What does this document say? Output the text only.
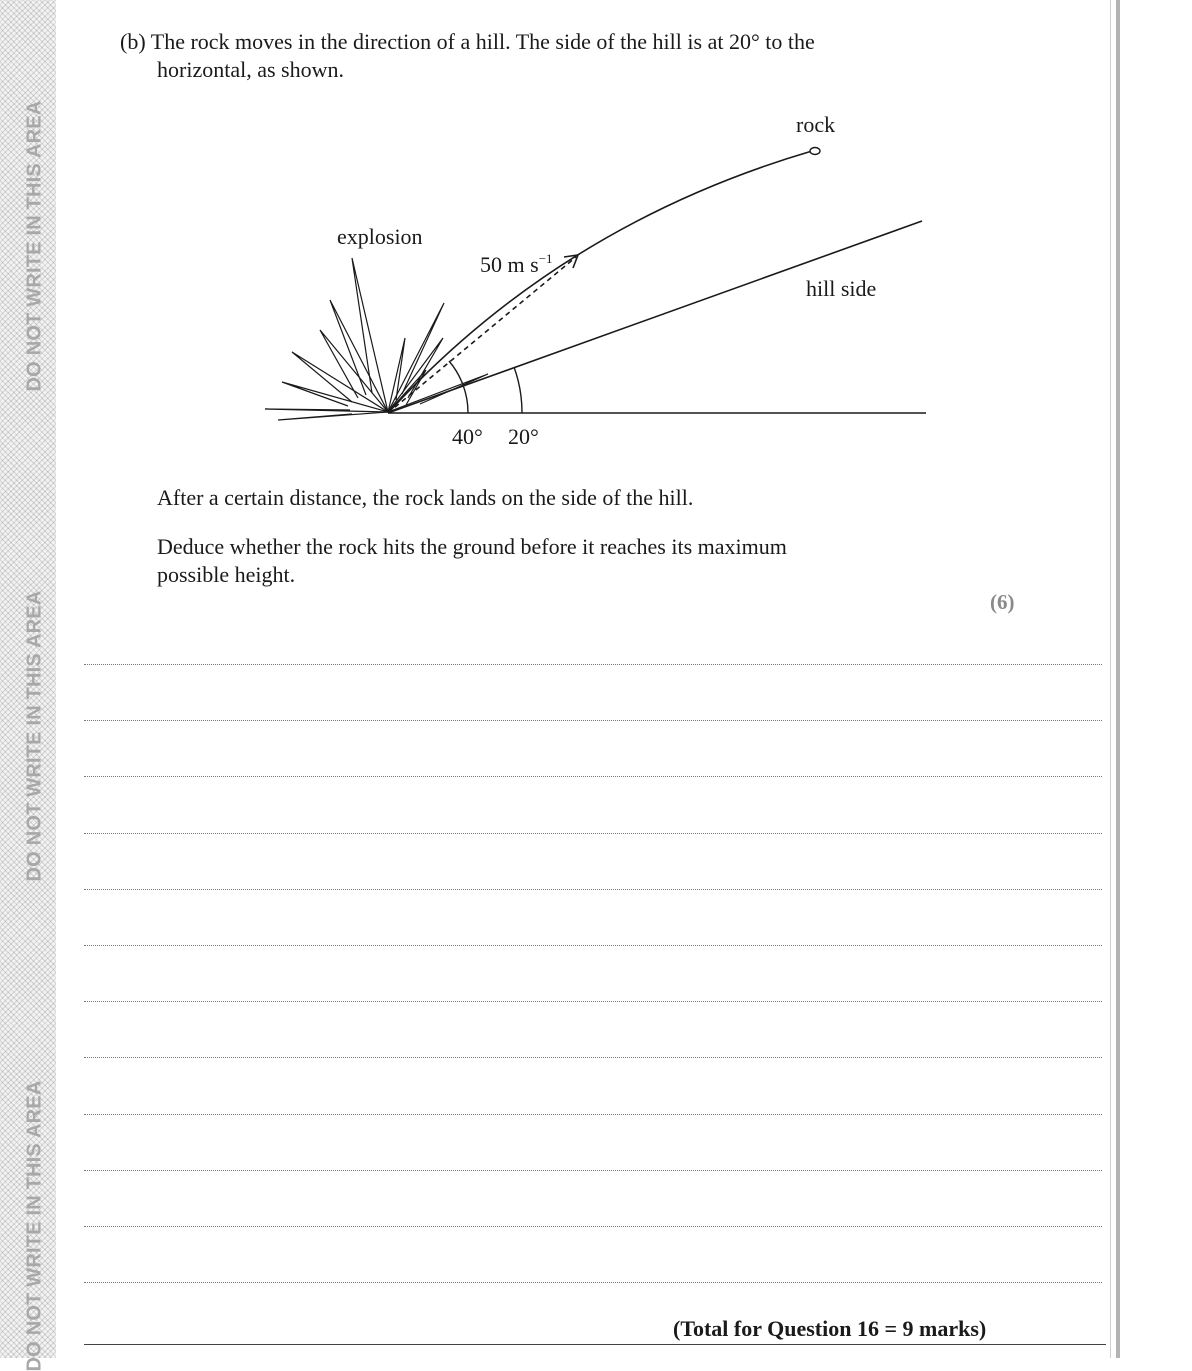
DO NOT WRITE IN THIS AREA
DO NOT WRITE IN THIS AREA
DO NOT WRITE IN THIS AREA
(b) The rock moves in the direction of a hill. The side of the hill is at 20° to the
horizontal, as shown.
rock
explosion
50 m $s^{-1}$
hill side
40° 20°
After a certain distance, the rock lands on the side of the hill.
Deduce whether the rock hits the ground before it reaches its maximum
possible height.
(6)
(Total for Question 16 = 9 marks)
